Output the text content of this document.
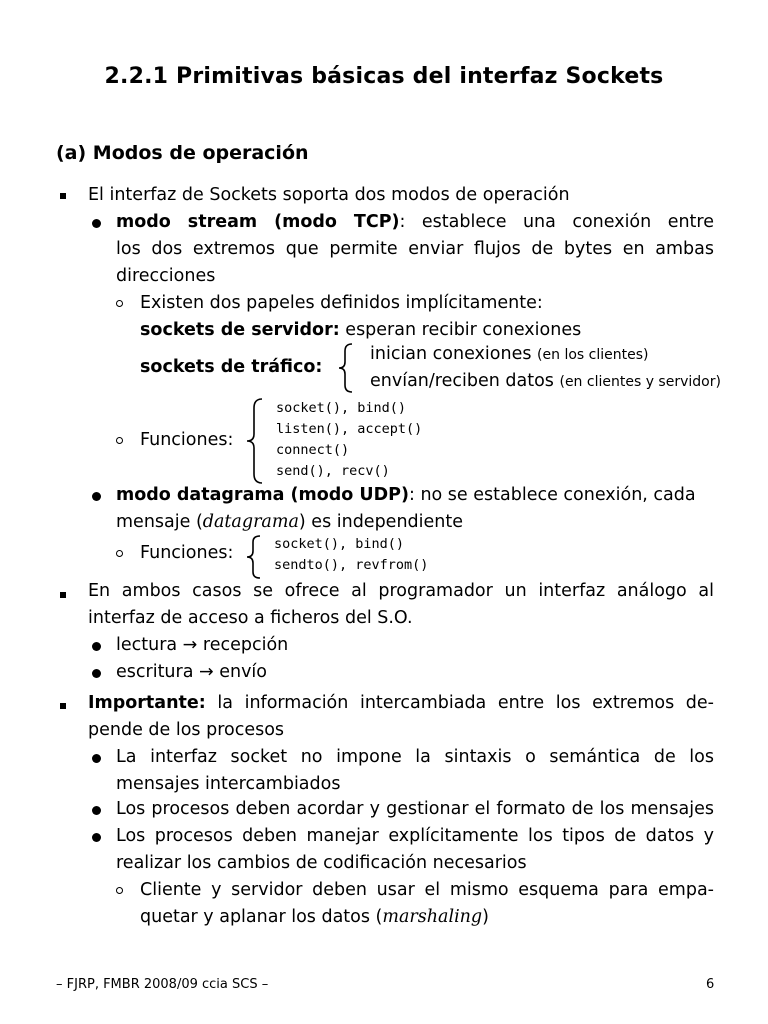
2.2.1 Primitivas básicas del interfaz Sockets
(a) Modos de operación
El interfaz de Sockets soporta dos modos de operación
modo stream (modo TCP): establece una conexión entre
los dos extremos que permite enviar flujos de bytes en ambas
direcciones
Existen dos papeles definidos implícitamente:
sockets de servidor: esperan recibir conexiones
sockets de tráfico:
inician conexiones (en los clientes)
envían/reciben datos (en clientes y servidor)
Funciones:
socket(), bind()
listen(), accept()
connect()
send(), recv()
modo datagrama (modo UDP): no se establece conexión, cada
mensaje (datagrama) es independiente
Funciones:	socket(), bind()
sendto(), revfrom()
En ambos casos se ofrece al programador un interfaz análogo al
interfaz de acceso a ficheros del S.O.
lectura → recepción
escritura → envío
Importante: la información intercambiada entre los extremos de-
pende de los procesos
La interfaz socket no impone la sintaxis o semántica de los
mensajes intercambiados
Los procesos deben acordar y gestionar el formato de los mensajes
Los procesos deben manejar explícitamente los tipos de datos y
realizar los cambios de codificación necesarios
Cliente y servidor deben usar el mismo esquema para empa-
quetar y aplanar los datos (marshaling)
– FJRP, FMBR 2008/09 ccia SCS –	6
